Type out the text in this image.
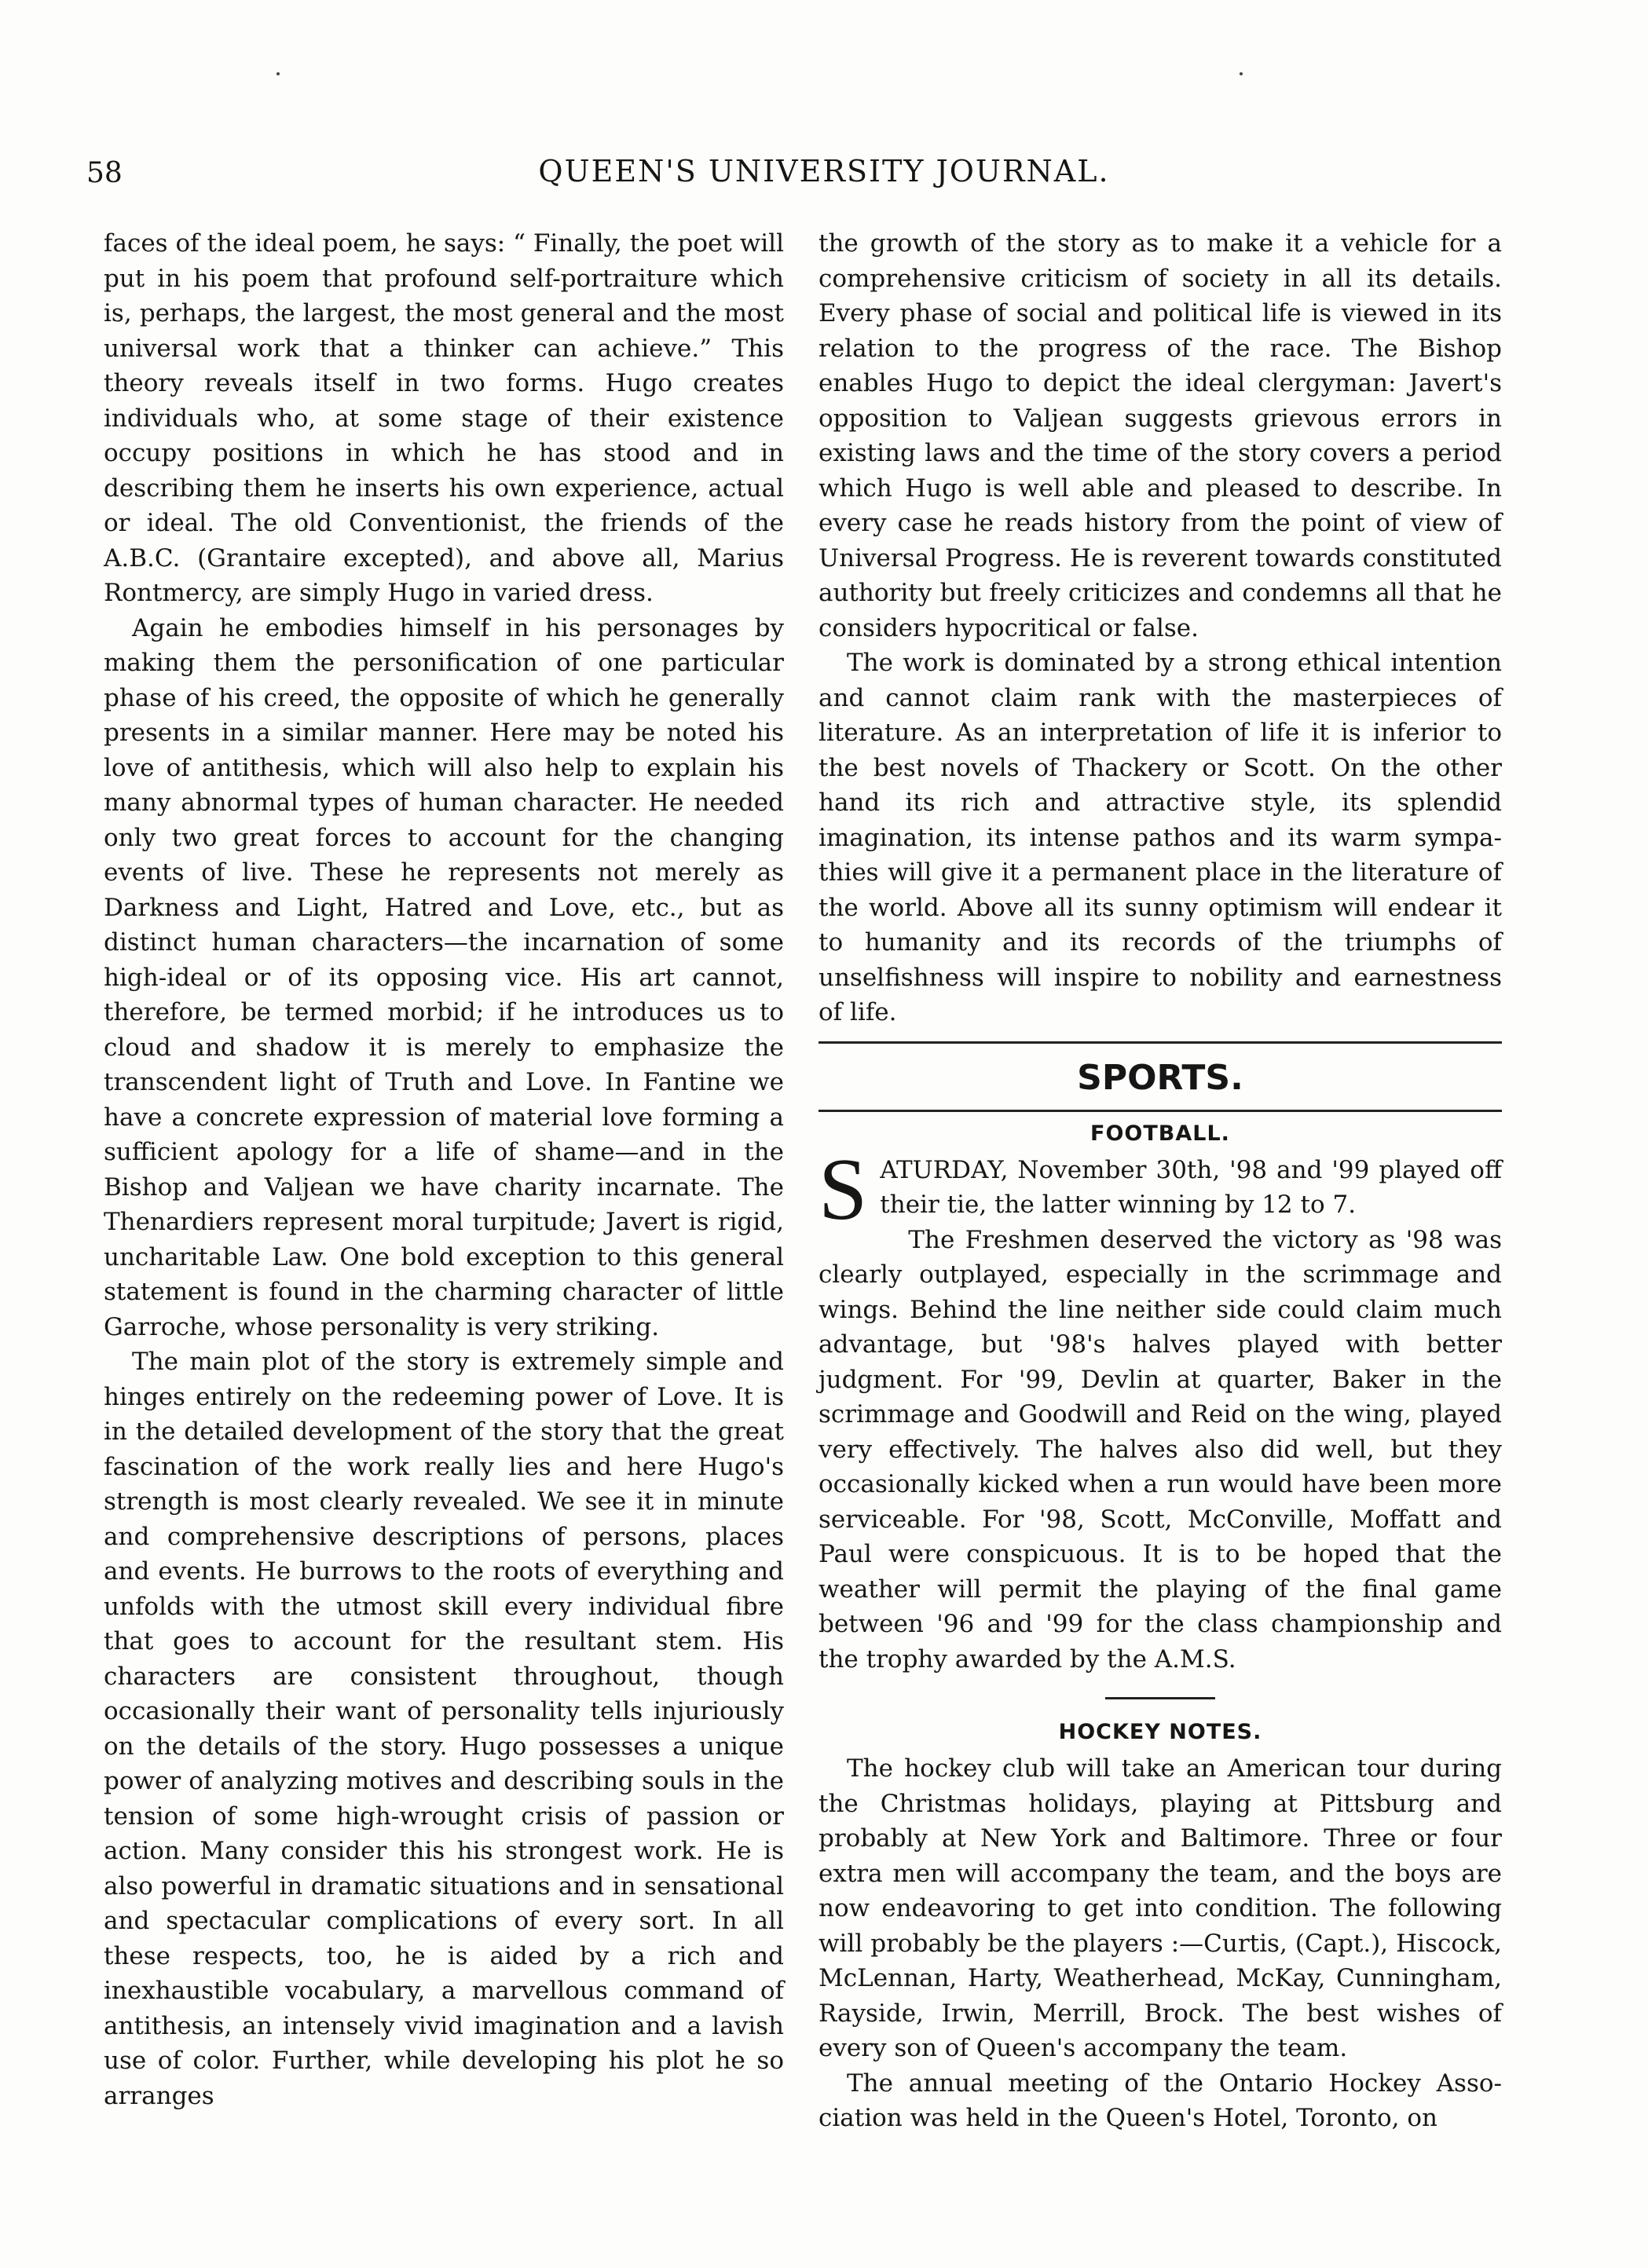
58	QUEEN'S UNIVERSITY JOURNAL.

faces of the ideal poem, he says: “ Finally, the poet will put in his poem that profound self-portraiture which is, perhaps, the largest, the most general and the most universal work that a thinker can achieve.” This theory reveals itself in two forms. Hugo creates individuals who, at some stage of their existence occupy positions in which he has stood and in describing them he inserts his own experience, actual or ideal. The old Conventionist, the friends of the A.B.C. (Grantaire excepted), and above all, Marius Rontmercy, are simply Hugo in varied dress.

Again he embodies himself in his personages by making them the personification of one particular phase of his creed, the opposite of which he generally presents in a similar manner. Here may be noted his love of antithesis, which will also help to explain his many abnormal types of human character. He needed only two great forces to account for the changing events of live. These he represents not merely as Darkness and Light, Hatred and Love, etc., but as distinct human characters—the incarnation of some high-ideal or of its opposing vice. His art cannot, therefore, be termed morbid; if he introduces us to cloud and shadow it is merely to emphasize the transcendent light of Truth and Love. In Fantine we have a concrete expression of material love forming a sufficient apology for a life of shame—and in the Bishop and Valjean we have charity incarnate. The Thenardiers represent moral turpitude; Javert is rigid, uncharitable Law. One bold exception to this general statement is found in the charming character of little Garroche, whose personality is very striking.

The main plot of the story is extremely simple and hinges entirely on the redeeming power of Love. It is in the detailed development of the story that the great fascination of the work really lies and here Hugo's strength is most clearly revealed. We see it in minute and comprehensive descriptions of persons, places and events. He burrows to the roots of everything and unfolds with the utmost skill every individual fibre that goes to account for the resultant stem. His characters are consistent throughout, though occasionally their want of personality tells injuriously on the details of the story. Hugo possesses a unique power of analyzing motives and describing souls in the tension of some high-wrought crisis of passion or action. Many consider this his strongest work. He is also powerful in dramatic situations and in sensational and spectacular complications of every sort. In all these respects, too, he is aided by a rich and inexhaustible vocabulary, a marvellous command of antithesis, an intensely vivid imagination and a lavish use of color. Further, while developing his plot he so arranges

the growth of the story as to make it a vehicle for a comprehensive criticism of society in all its details. Every phase of social and political life is viewed in its relation to the progress of the race. The Bishop enables Hugo to depict the ideal clergyman: Javert's opposition to Valjean suggests grievous errors in existing laws and the time of the story covers a period which Hugo is well able and pleased to describe. In every case he reads history from the point of view of Universal Progress. He is reverent towards constituted authority but freely criticizes and condemns all that he considers hypocritical or false.

The work is dominated by a strong ethical intention and cannot claim rank with the masterpieces of literature. As an interpretation of life it is inferior to the best novels of Thackery or Scott. On the other hand its rich and attractive style, its splendid imagination, its intense pathos and its warm sympathies will give it a permanent place in the literature of the world. Above all its sunny optimism will endear it to humanity and its records of the triumphs of unselfishness will inspire to nobility and earnestness of life.

SPORTS.
FOOTBALL.

S ATURDAY, November 30th, '98 and '99 played off their tie, the latter winning by 12 to 7.

The Freshmen deserved the victory as '98 was clearly outplayed, especially in the scrimmage and wings. Behind the line neither side could claim much advantage, but '98's halves played with better judgment. For '99, Devlin at quarter, Baker in the scrimmage and Goodwill and Reid on the wing, played very effectively. The halves also did well, but they occasionally kicked when a run would have been more serviceable. For '98, Scott, McConville, Moffatt and Paul were conspicuous. It is to be hoped that the weather will permit the playing of the final game between '96 and '99 for the class championship and the trophy awarded by the A.M.S.

HOCKEY NOTES.

The hockey club will take an American tour during the Christmas holidays, playing at Pittsburg and probably at New York and Baltimore. Three or four extra men will accompany the team, and the boys are now endeavoring to get into condition. The following will probably be the players :—Curtis, (Capt.), Hiscock, McLennan, Harty, Weatherhead, McKay, Cunningham, Rayside, Irwin, Merrill, Brock. The best wishes of every son of Queen's accompany the team.

The annual meeting of the Ontario Hockey Association was held in the Queen's Hotel, Toronto, on
